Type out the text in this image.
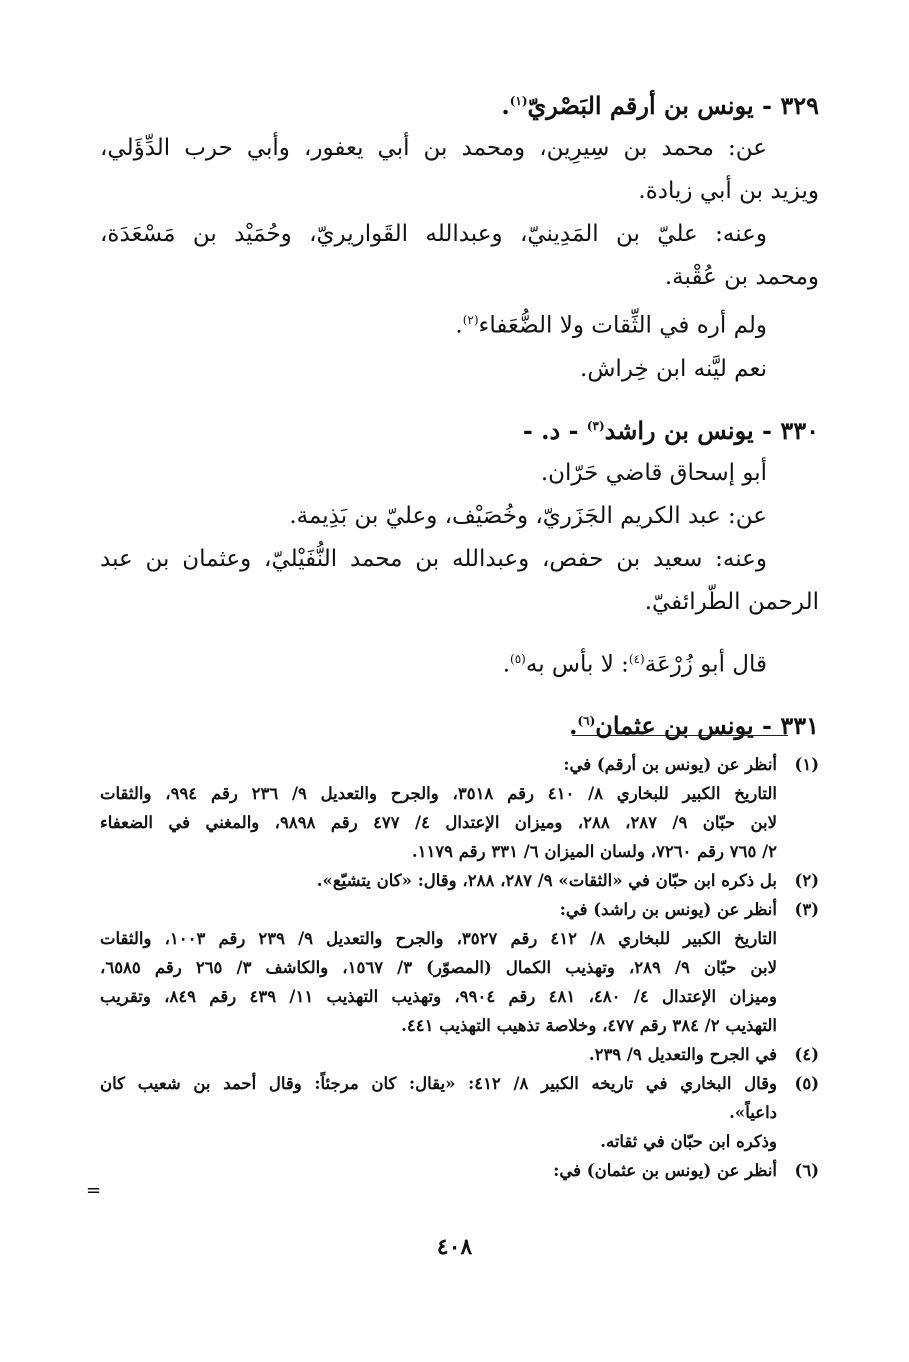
٣٢٩ - يونس بن أرقم البَصْريّ$^{(١)}$.
عن: محمد بن سِيرِين، ومحمد بن أبي يعفور، وأبي حرب الدِّؤَلي،
ويزيد بن أبي زيادة.
وعنه: عليّ بن المَدِينيّ، وعبدالله القَواريريّ، وحُمَيْد بن مَسْعَدَة،
ومحمد بن عُقْبة.
ولم أره في الثِّقات ولا الضُّعَفاء$^{(٢)}$.
نعم ليَّنه ابن خِراش.
٣٣٠ - يونس بن راشد$^{(٣)}$ - د. -
أبو إسحاق قاضي حَرّان.
عن: عبد الكريم الجَزَريّ، وخُصَيْف، وعليّ بن بَذِيمة.
وعنه: سعيد بن حفص، وعبدالله بن محمد النُّفَيْليّ، وعثمان بن عبد
الرحمن الطّرائفيّ.
قال أبو زُرْعَة$^{(٤)}$: لا بأس به$^{(٥)}$.
٣٣١ - يونس بن عثمان$^{(٦)}$.
(١)
أنظر عن (يونس بن أرقم) في:
التاريخ الكبير للبخاري ٨/ ٤١٠ رقم ٣٥١٨، والجرح والتعديل ٩/ ٢٣٦ رقم ٩٩٤، والثقات
لابن حبّان ٩/ ٢٨٧، ٢٨٨، وميزان الإعتدال ٤/ ٤٧٧ رقم ٩٨٩٨، والمغني في الضعفاء
٢/ ٧٦٥ رقم ٧٢٦٠، ولسان الميزان ٦/ ٣٣١ رقم ١١٧٩.
(٢)
بل ذكره ابن حبّان في «الثقات» ٩/ ٢٨٧، ٢٨٨، وقال: «كان يتشيّع».
(٣)
أنظر عن (يونس بن راشد) في:
التاريخ الكبير للبخاري ٨/ ٤١٢ رقم ٣٥٢٧، والجرح والتعديل ٩/ ٢٣٩ رقم ١٠٠٣، والثقات
لابن حبّان ٩/ ٢٨٩، وتهذيب الكمال (المصوّر) ٣/ ١٥٦٧، والكاشف ٣/ ٢٦٥ رقم ٦٥٨٥،
وميزان الإعتدال ٤/ ٤٨٠، ٤٨١ رقم ٩٩٠٤، وتهذيب التهذيب ١١/ ٤٣٩ رقم ٨٤٩، وتقريب
التهذيب ٢/ ٣٨٤ رقم ٤٧٧، وخلاصة تذهيب التهذيب ٤٤١.
(٤)
في الجرح والتعديل ٩/ ٢٣٩.
(٥)
وقال البخاري في تاريخه الكبير ٨/ ٤١٢: «يقال: كان مرجئاً: وقال أحمد بن شعيب كان
داعياً».
وذكره ابن حبّان في ثقاته.
(٦)
أنظر عن (يونس بن عثمان) في:
=
٤٠٨
